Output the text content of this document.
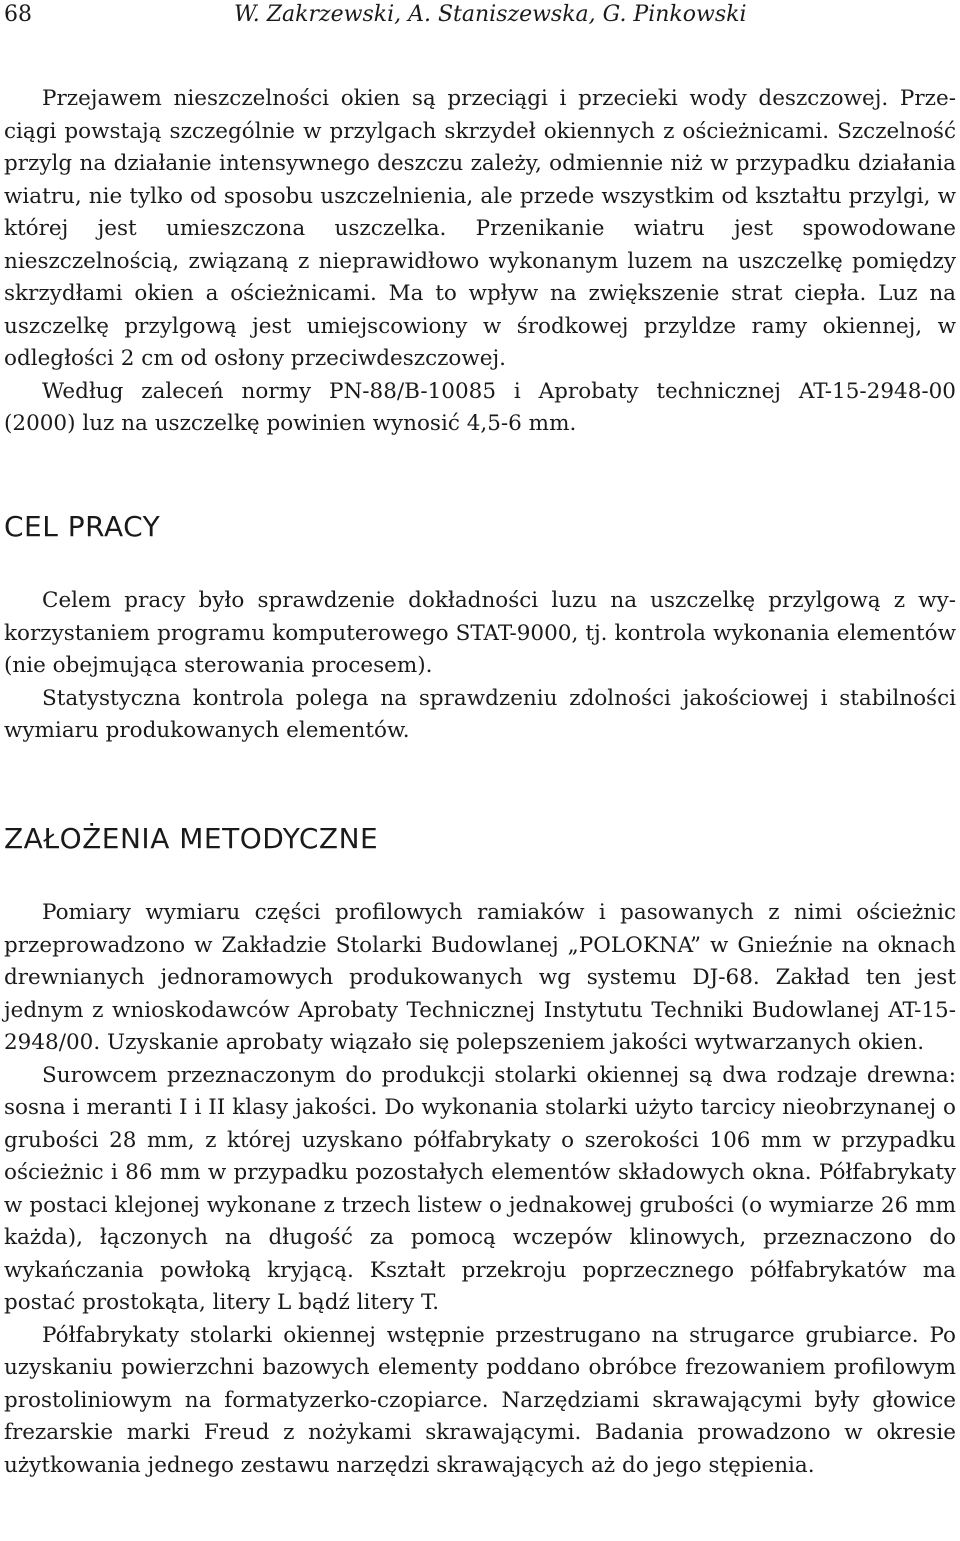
68	W. Zakrzewski, A. Staniszewska, G. Pinkowski

Przejawem nieszczelności okien są przeciągi i przecieki wody deszczowej. Przeciągi powstają szczególnie w przylgach skrzydeł okiennych z ościeżnicami. Szczelność przylg na działanie intensywnego deszczu zależy, odmiennie niż w przypadku działania wiatru, nie tylko od sposobu uszczelnienia, ale przede wszystkim od kształtu przylgi, w której jest umieszczona uszczelka. Przenikanie wiatru jest spowodowane nieszczelnością, związaną z nieprawidłowo wykonanym luzem na uszczelkę pomiędzy skrzydłami okien a ościeżnicami. Ma to wpływ na zwiększenie strat ciepła. Luz na uszczelkę przylgową jest umiejscowiony w środkowej przyldze ramy okiennej, w odległości 2 cm od osłony przeciwdeszczowej.

Według zaleceń normy PN-88/B-10085 i Aprobaty technicznej AT-15-2948-00 (2000) luz na uszczelkę powinien wynosić 4,5-6 mm.

CEL PRACY

Celem pracy było sprawdzenie dokładności luzu na uszczelkę przylgową z wykorzystaniem programu komputerowego STAT-9000, tj. kontrola wykonania elementów (nie obejmująca sterowania procesem).

Statystyczna kontrola polega na sprawdzeniu zdolności jakościowej i stabilności wymiaru produkowanych elementów.

ZAŁOŻENIA METODYCZNE

Pomiary wymiaru części profilowych ramiaków i pasowanych z nimi ościeżnic przeprowadzono w Zakładzie Stolarki Budowlanej „POLOKNA” w Gnieźnie na oknach drewnianych jednoramowych produkowanych wg systemu DJ-68. Zakład ten jest jednym z wnioskodawców Aprobaty Technicznej Instytutu Techniki Budowlanej AT-15-2948/00. Uzyskanie aprobaty wiązało się polepszeniem jakości wytwarzanych okien.

Surowcem przeznaczonym do produkcji stolarki okiennej są dwa rodzaje drewna: sosna i meranti I i II klasy jakości. Do wykonania stolarki użyto tarcicy nieobrzynanej o grubości 28 mm, z której uzyskano półfabrykaty o szerokości 106 mm w przypadku ościeżnic i 86 mm w przypadku pozostałych elementów składowych okna. Półfabrykaty w postaci klejonej wykonane z trzech listew o jednakowej grubości (o wymiarze 26 mm każda), łączonych na długość za pomocą wczepów klinowych, przeznaczono do wykańczania powłoką kryjącą. Kształt przekroju poprzecznego półfabrykatów ma postać prostokąta, litery L bądź litery T.

Półfabrykaty stolarki okiennej wstępnie przestrugano na strugarce grubiarce. Po uzyskaniu powierzchni bazowych elementy poddano obróbce frezowaniem profilowym prostoliniowym na formatyzerko-czopiarce. Narzędziami skrawającymi były głowice frezarskie marki Freud z nożykami skrawającymi. Badania prowadzono w okresie użytkowania jednego zestawu narzędzi skrawających aż do jego stępienia.
